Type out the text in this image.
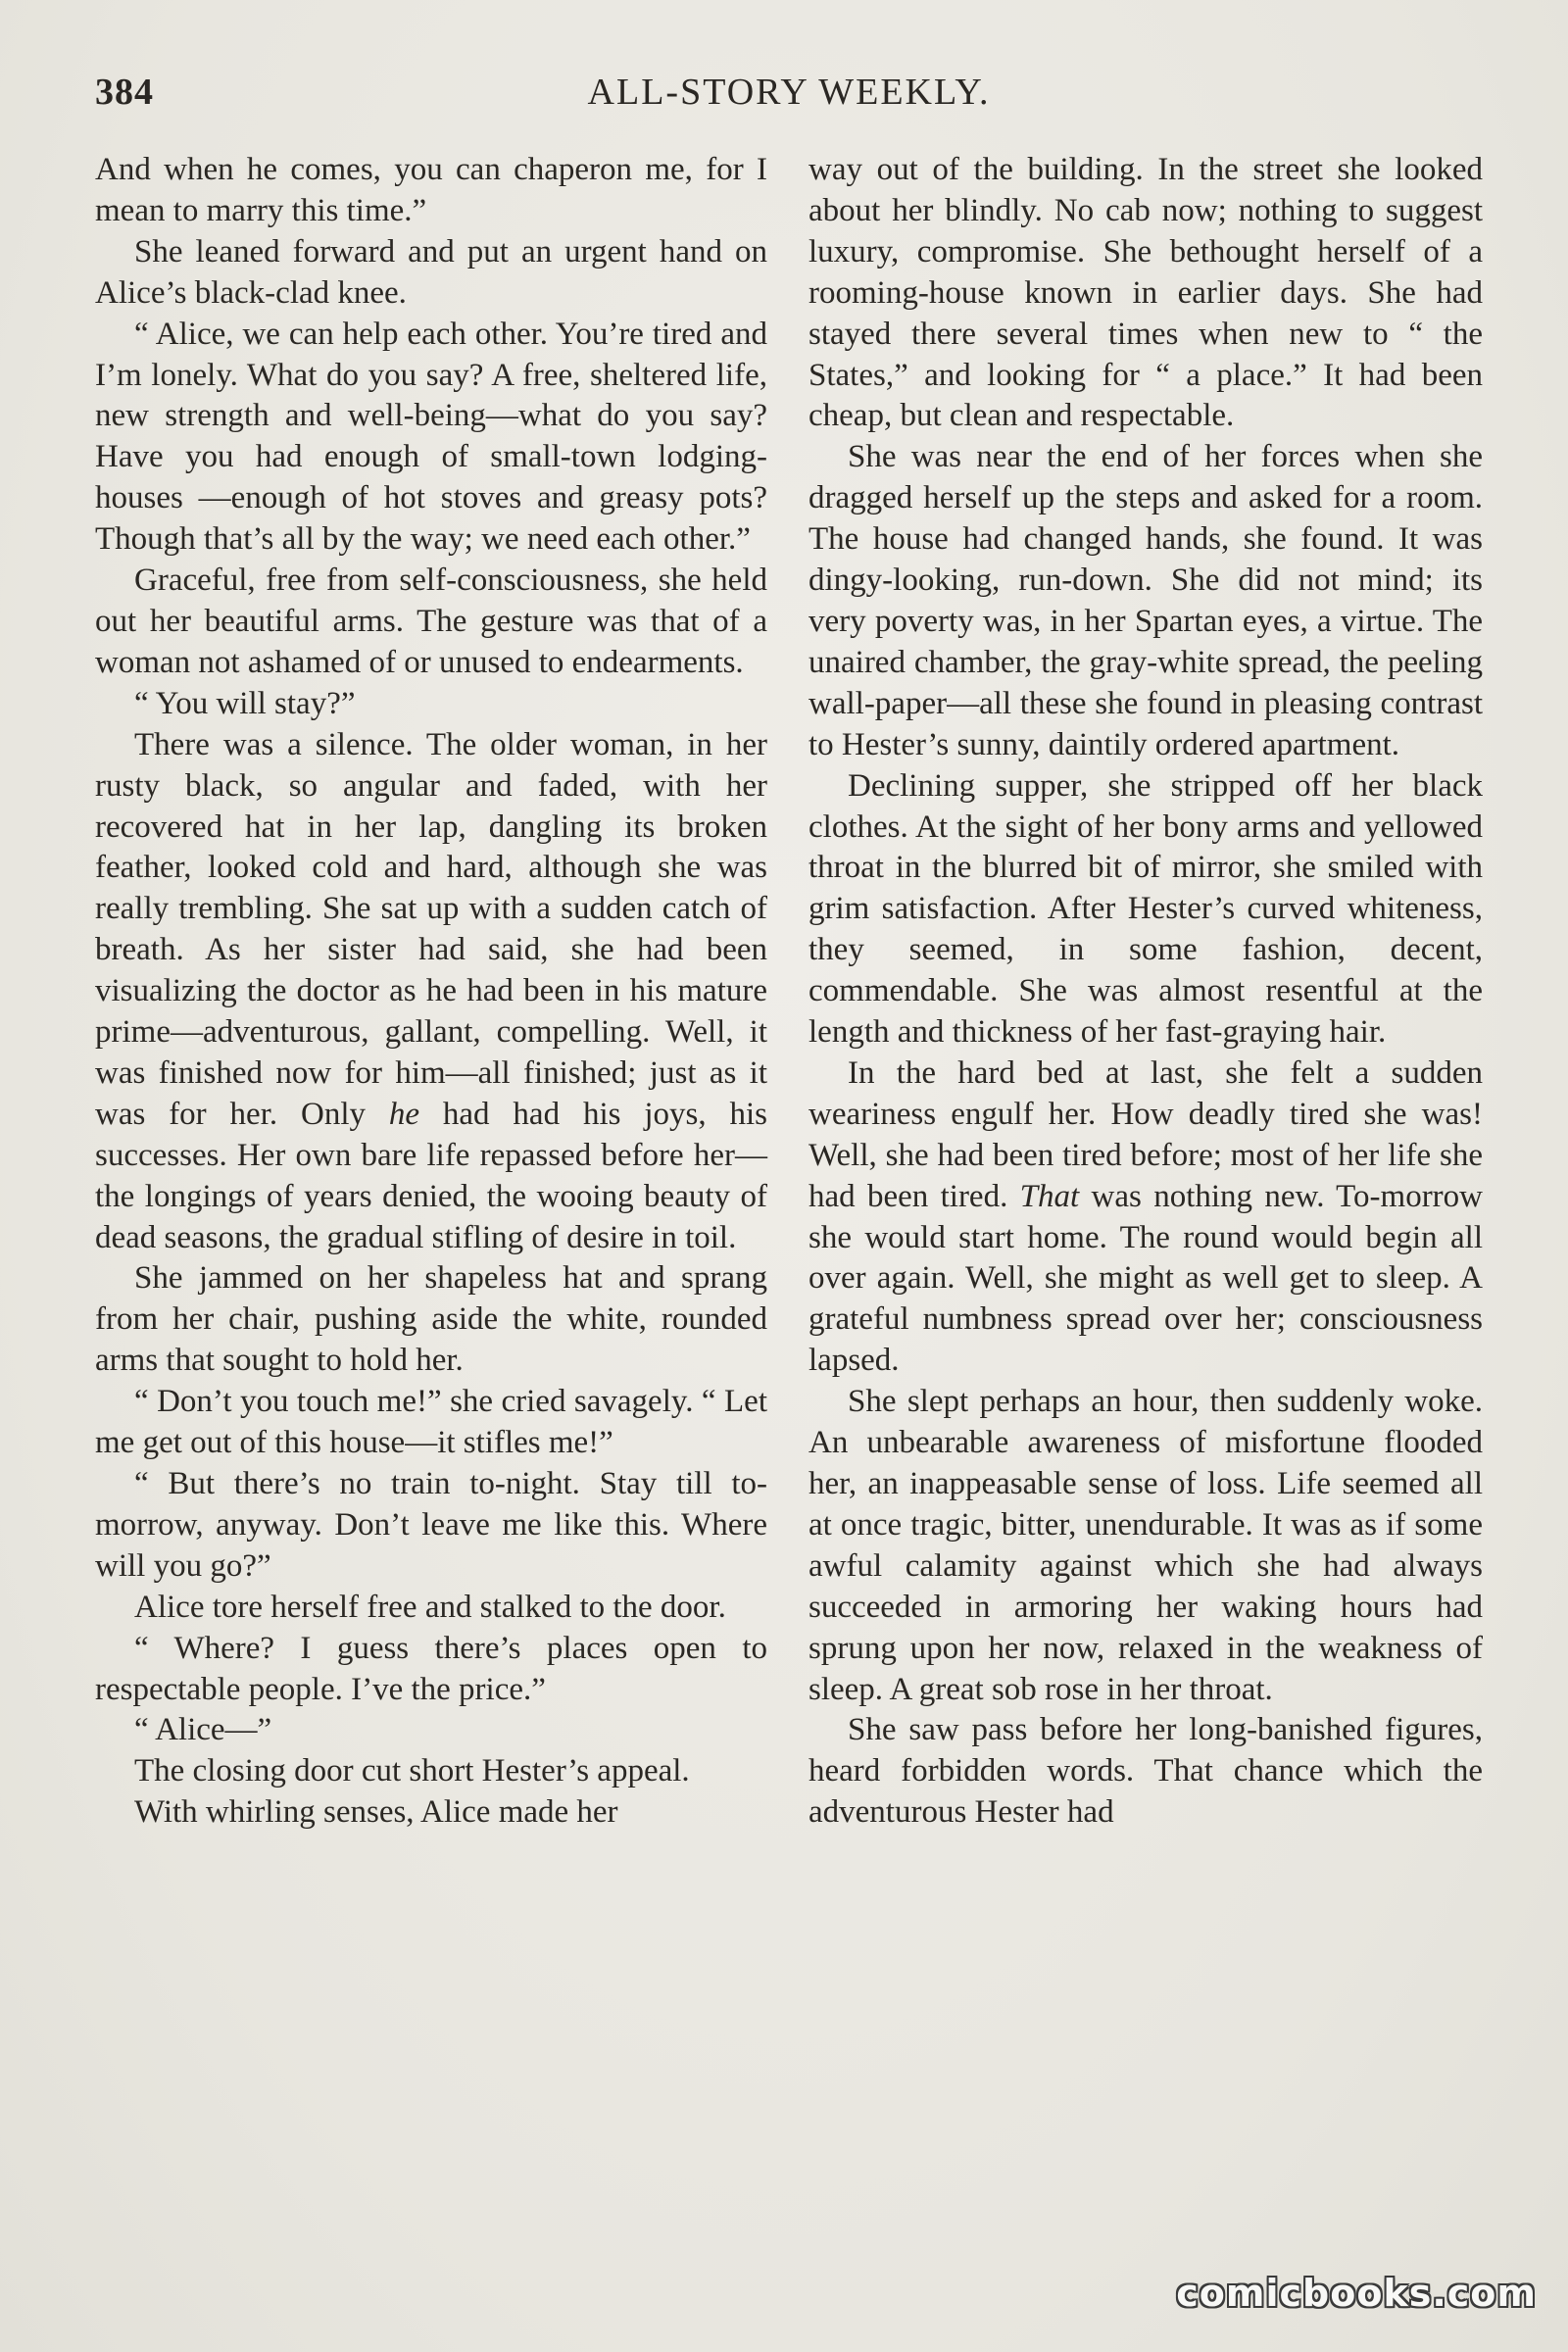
384	ALL-STORY WEEKLY.

And when he comes, you can chaperon me, for I mean to marry this time.”

She leaned forward and put an urgent hand on Alice’s black-clad knee.

“ Alice, we can help each other. You’re tired and I’m lonely. What do you say? A free, sheltered life, new strength and well-being—what do you say? Have you had enough of small-town lodging-houses —enough of hot stoves and greasy pots? Though that’s all by the way; we need each other.”

Graceful, free from self-consciousness, she held out her beautiful arms. The gesture was that of a woman not ashamed of or unused to endearments.

“ You will stay?”

There was a silence. The older woman, in her rusty black, so angular and faded, with her recovered hat in her lap, dangling its broken feather, looked cold and hard, although she was really trembling. She sat up with a sudden catch of breath. As her sister had said, she had been visualizing the doctor as he had been in his mature prime—adventurous, gallant, compelling. Well, it was finished now for him—all finished; just as it was for her. Only he had had his joys, his successes. Her own bare life repassed before her—the longings of years denied, the wooing beauty of dead seasons, the gradual stifling of desire in toil.

She jammed on her shapeless hat and sprang from her chair, pushing aside the white, rounded arms that sought to hold her.

“ Don’t you touch me!” she cried savagely. “ Let me get out of this house—it stifles me!”

“ But there’s no train to-night. Stay till to-morrow, anyway. Don’t leave me like this. Where will you go?”

Alice tore herself free and stalked to the door.

“ Where? I guess there’s places open to respectable people. I’ve the price.”

“ Alice—”

The closing door cut short Hester’s appeal.

With whirling senses, Alice made her

way out of the building. In the street she looked about her blindly. No cab now; nothing to suggest luxury, compromise. She bethought herself of a rooming-house known in earlier days. She had stayed there several times when new to “ the States,” and looking for “ a place.” It had been cheap, but clean and respectable.

She was near the end of her forces when she dragged herself up the steps and asked for a room. The house had changed hands, she found. It was dingy-looking, run-down. She did not mind; its very poverty was, in her Spartan eyes, a virtue. The unaired chamber, the gray-white spread, the peeling wall-paper—all these she found in pleasing contrast to Hester’s sunny, daintily ordered apartment.

Declining supper, she stripped off her black clothes. At the sight of her bony arms and yellowed throat in the blurred bit of mirror, she smiled with grim satisfaction. After Hester’s curved whiteness, they seemed, in some fashion, decent, commendable. She was almost resentful at the length and thickness of her fast-graying hair.

In the hard bed at last, she felt a sudden weariness engulf her. How deadly tired she was! Well, she had been tired before; most of her life she had been tired. That was nothing new. To-morrow she would start home. The round would begin all over again. Well, she might as well get to sleep. A grateful numbness spread over her; consciousness lapsed.

She slept perhaps an hour, then suddenly woke. An unbearable awareness of misfortune flooded her, an inappeasable sense of loss. Life seemed all at once tragic, bitter, unendurable. It was as if some awful calamity against which she had always succeeded in armoring her waking hours had sprung upon her now, relaxed in the weakness of sleep. A great sob rose in her throat.

She saw pass before her long-banished figures, heard forbidden words. That chance which the adventurous Hester had

comicbooks.com
